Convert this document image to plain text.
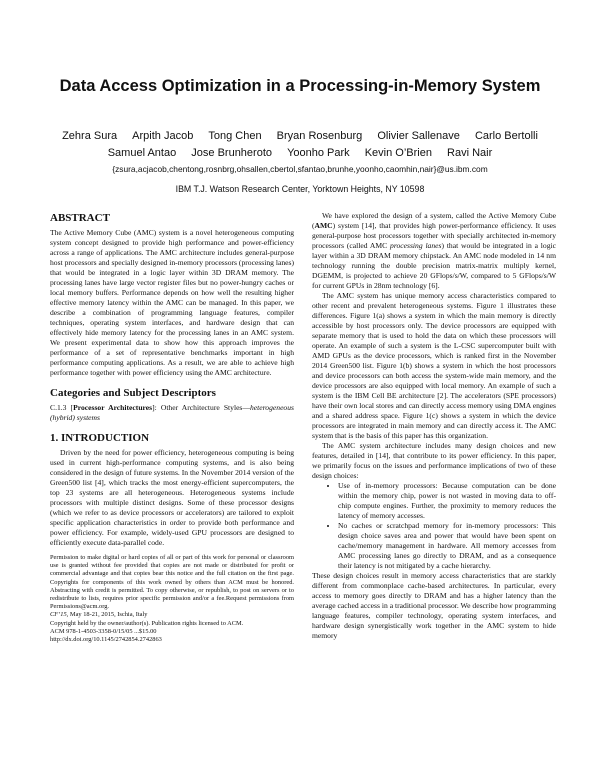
Data Access Optimization in a Processing-in-Memory System
Zehra Sura Arpith Jacob Tong Chen Bryan Rosenburg Olivier Sallenave Carlo Bertolli
Samuel Antao Jose Brunheroto Yoonho Park Kevin O’Brien Ravi Nair
{zsura,acjacob,chentong,rosnbrg,ohsallen,cbertol,sfantao,brunhe,yoonho,caomhin,nair}@us.ibm.com
IBM T.J. Watson Research Center, Yorktown Heights, NY 10598
ABSTRACT

The Active Memory Cube (AMC) system is a novel heterogeneous computing system concept designed to provide high performance and power-efficiency across a range of applications. The AMC architecture includes general-purpose host processors and specially designed in-memory processors (processing lanes) that would be integrated in a logic layer within 3D DRAM memory. The processing lanes have large vector register files but no power-hungry caches or local memory buffers. Performance depends on how well the resulting higher effective memory latency within the AMC can be managed. In this paper, we describe a combination of programming language features, compiler techniques, operating system interfaces, and hardware design that can effectively hide memory latency for the processing lanes in an AMC system. We present experimental data to show how this approach improves the performance of a set of representative benchmarks important in high performance computing applications. As a result, we are able to achieve high performance together with power efficiency using the AMC architecture.

Categories and Subject Descriptors

C.1.3 [Processor Architectures]: Other Architecture Styles—heterogeneous (hybrid) systems

1. INTRODUCTION

Driven by the need for power efficiency, heterogeneous computing is being used in current high-performance computing systems, and is also being considered in the design of future systems. In the November 2014 version of the Green500 list [4], which tracks the most energy-efficient supercomputers, the top 23 systems are all heterogeneous. Heterogeneous systems include processors with multiple distinct designs. Some of these processor designs (which we refer to as device processors or accelerators) are tailored to exploit specific application characteristics in order to provide both performance and power efficiency. For example, widely-used GPU processors are designed to efficiently execute data-parallel code.

Permission to make digital or hard copies of all or part of this work for personal or classroom use is granted without fee provided that copies are not made or distributed for profit or commercial advantage and that copies bear this notice and the full citation on the first page. Copyrights for components of this work owned by others than ACM must be honored. Abstracting with credit is permitted. To copy otherwise, or republish, to post on servers or to redistribute to lists, requires prior specific permission and/or a fee.Request permissions from Permissions@acm.org.

CF’15, May 18-21, 2015, Ischia, Italy

Copyright held by the owner/author(s). Publication rights licensed to ACM.

ACM 978-1-4503-3358-0/15/05 ...$15.00

http://dx.doi.org/10.1145/2742854.2742863

We have explored the design of a system, called the Active Memory Cube (AMC) system [14], that provides high power-performance efficiency. It uses general-purpose host processors together with specially architected in-memory processors (called AMC processing lanes) that would be integrated in a logic layer within a 3D DRAM memory chipstack. An AMC node modeled in 14 nm technology running the double precision matrix-matrix multiply kernel, DGEMM, is projected to achieve 20 GFlops/s/W, compared to 5 GFlops/s/W for current GPUs in 28nm technology [6].

The AMC system has unique memory access characteristics compared to other recent and prevalent heterogeneous systems. Figure 1 illustrates these differences. Figure 1(a) shows a system in which the main memory is directly accessible by host processors only. The device processors are equipped with separate memory that is used to hold the data on which these processors will operate. An example of such a system is the L-CSC supercomputer built with AMD GPUs as the device processors, which is ranked first in the November 2014 Green500 list. Figure 1(b) shows a system in which the host processors and device processors can both access the system-wide main memory, and the device processors are also equipped with local memory. An example of such a system is the IBM Cell BE architecture [2]. The accelerators (SPE processors) have their own local stores and can directly access memory using DMA engines and a shared address space. Figure 1(c) shows a system in which the device processors are integrated in main memory and can directly access it. The AMC system that is the basis of this paper has this organization.

The AMC system architecture includes many design choices and new features, detailed in [14], that contribute to its power efficiency. In this paper, we primarily focus on the issues and performance implications of two of these design choices:

• Use of in-memory processors: Because computation can be done within the memory chip, power is not wasted in moving data to off-chip compute engines. Further, the proximity to memory reduces the latency of memory accesses.
• No caches or scratchpad memory for in-memory processors: This design choice saves area and power that would have been spent on cache/memory management in hardware. All memory accesses from AMC processing lanes go directly to DRAM, and as a consequence their latency is not mitigated by a cache hierarchy.

These design choices result in memory access characteristics that are starkly different from commonplace cache-based architectures. In particular, every access to memory goes directly to DRAM and has a higher latency than the average cached access in a traditional processor. We describe how programming language features, compiler technology, operating system interfaces, and hardware design synergistically work together in the AMC system to hide memory
